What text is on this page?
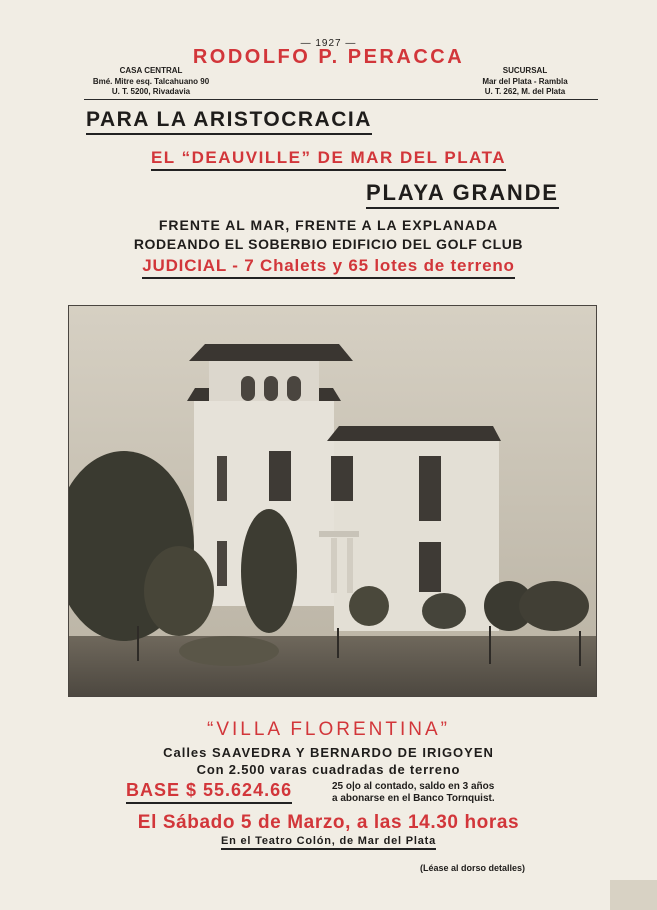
— 1927 —
RODOLFO P. PERACCA
CASA CENTRAL
Bmé. Mitre esq. Talcahuano 90
U. T. 5200, Rivadavia
SUCURSAL
Mar del Plata - Rambla
U. T. 262, M. del Plata
PARA LA ARISTOCRACIA
EL “DEAUVILLE” DE MAR DEL PLATA
PLAYA GRANDE
FRENTE AL MAR, FRENTE A LA EXPLANADA
RODEANDO EL SOBERBIO EDIFICIO DEL GOLF CLUB
JUDICIAL - 7 Chalets y 65 lotes de terreno
“VILLA FLORENTINA”
Calles SAAVEDRA Y BERNARDO DE IRIGOYEN
Con 2.500 varas cuadradas de terreno
BASE $ 55.624.66	25 o|o al contado, saldo en 3 años
a abonarse en el Banco Tornquist.
El Sábado 5 de Marzo, a las 14.30 horas
En el Teatro Colón, de Mar del Plata
(Léase al dorso detalles)
